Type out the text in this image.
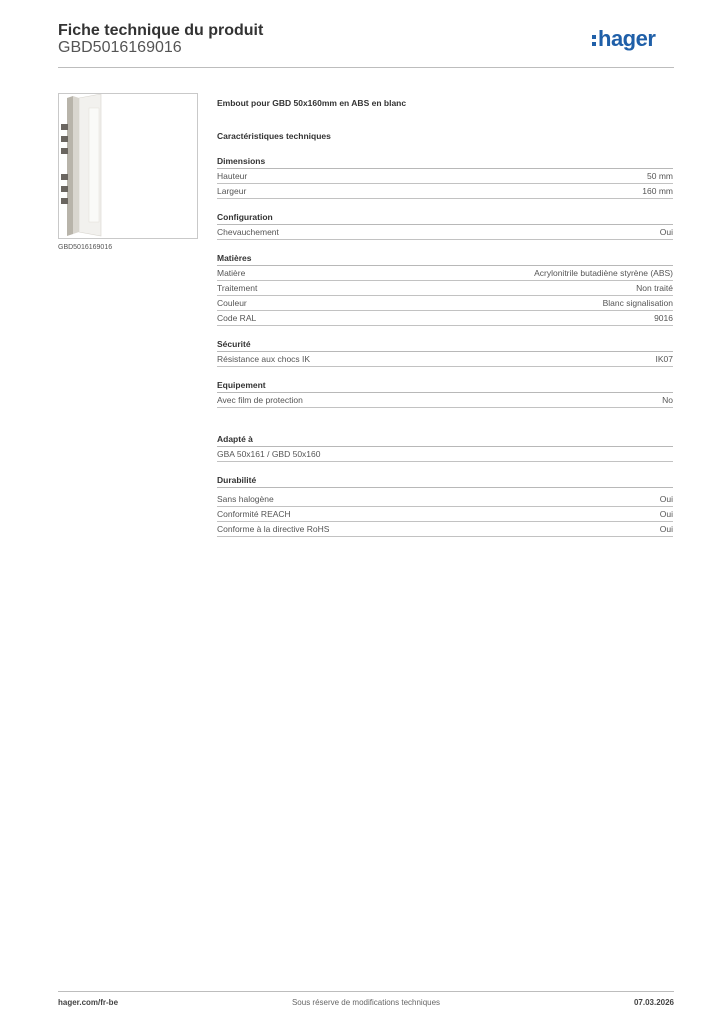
Fiche technique du produit
GBD5016169016	hager
GBD5016169016
Embout pour GBD 50x160mm en ABS en blanc
Caractéristiques techniques
Dimensions
Hauteur	50 mm
Largeur	160 mm
Configuration
Chevauchement	Oui
Matières
Matière	Acrylonitrile butadiène styrène (ABS)
Traitement	Non traité
Couleur	Blanc signalisation
Code RAL	9016
Sécurité
Résistance aux chocs IK	IK07
Equipement
Avec film de protection	No
Adapté à
GBA 50x161 / GBD 50x160
Durabilité
Sans halogène	Oui
Conformité REACH	Oui
Conforme à la directive RoHS	Oui
hager.com/fr-be	Sous réserve de modifications techniques	07.03.2026
